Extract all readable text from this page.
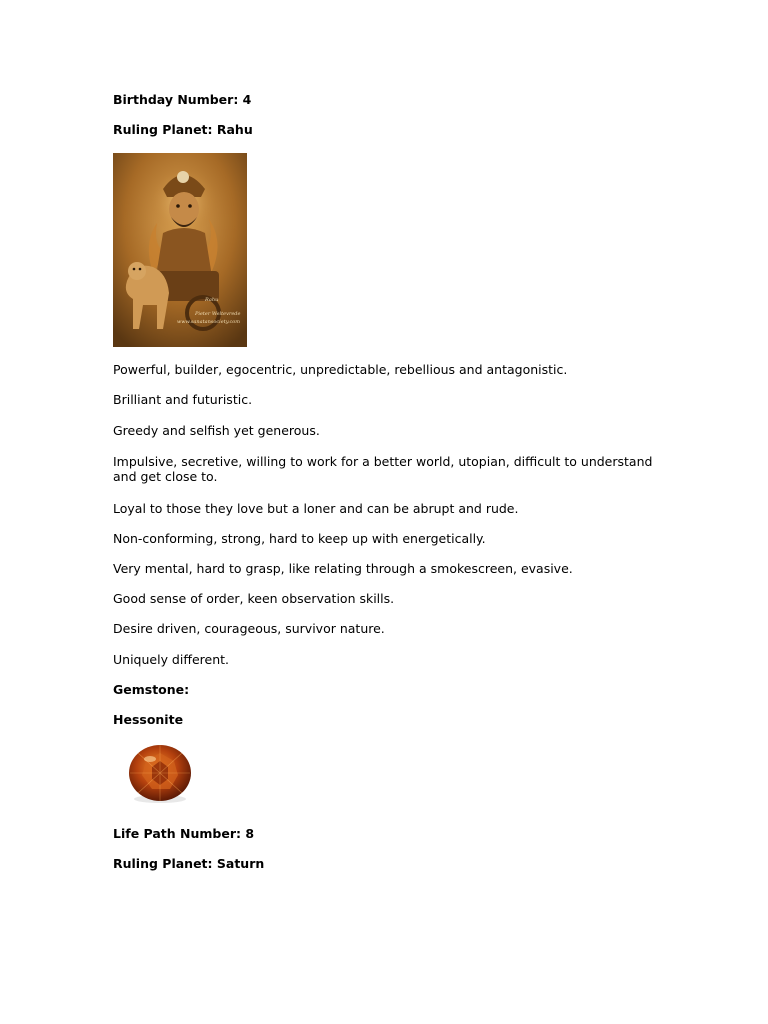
Birthday Number: 4

Ruling Planet: Rahu

Rahu
Pieter Weltevrede
www.sanatansociety.com

Powerful, builder, egocentric, unpredictable, rebellious and antagonistic.

Brilliant and futuristic.

Greedy and selfish yet generous.

Impulsive, secretive, willing to work for a better world, utopian, difficult to understand and get close to.

Loyal to those they love but a loner and can be abrupt and rude.

Non-conforming, strong, hard to keep up with energetically.

Very mental, hard to grasp, like relating through a smokescreen, evasive.

Good sense of order, keen observation skills.

Desire driven, courageous, survivor nature.

Uniquely different.

Gemstone:

Hessonite

Life Path Number: 8

Ruling Planet: Saturn
